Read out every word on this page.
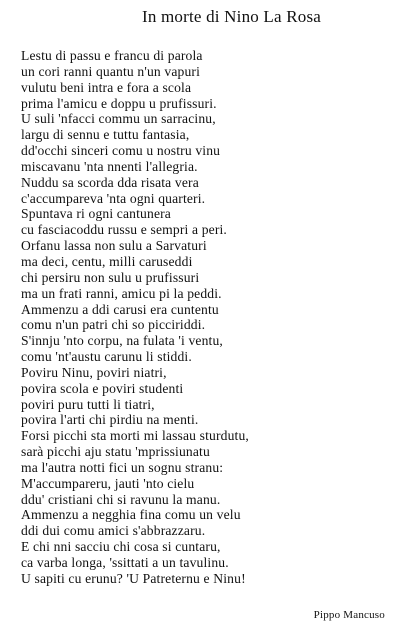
In morte di Nino La Rosa
Lestu di passu e francu di parola
un cori ranni quantu n'un vapuri
vulutu beni intra e fora a scola
prima l'amicu e doppu u prufissuri.
U suli 'nfacci commu un sarracinu,
largu di sennu e tuttu fantasia,
dd'occhi sinceri comu u nostru vinu
miscavanu 'nta nnenti l'allegria.
Nuddu sa scorda dda risata vera
c'accumpareva 'nta ogni quarteri.
Spuntava ri ogni cantunera
cu fasciacoddu russu e sempri a peri.
Orfanu lassa non sulu a Sarvaturi
ma deci, centu, milli caruseddi
chi persiru non sulu u prufissuri
ma un frati ranni, amicu pi la peddi.
Ammenzu a ddi carusi era cuntentu
comu n'un patri chi so picciriddi.
S'innju 'nto corpu, na fulata 'i ventu,
comu 'nt'austu carunu li stiddi.
Poviru Ninu, poviri niatri,
povira scola e poviri studenti
poviri puru tutti li tiatri,
povira l'arti chi pirdiu na menti.
Forsi picchi sta morti mi lassau sturdutu,
sarà picchi aju statu 'mprissiunatu
ma l'autra notti fici un sognu stranu:
M'accumpareru, jauti 'nto cielu
ddu' cristiani chi si ravunu la manu.
Ammenzu a negghia fina comu un velu
ddi dui comu amici s'abbrazzaru.
E chi nni sacciu chi cosa si cuntaru,
ca varba longa, 'ssittati a un tavulinu.
U sapiti cu erunu? 'U Patreternu e Ninu!
Pippo Mancuso
